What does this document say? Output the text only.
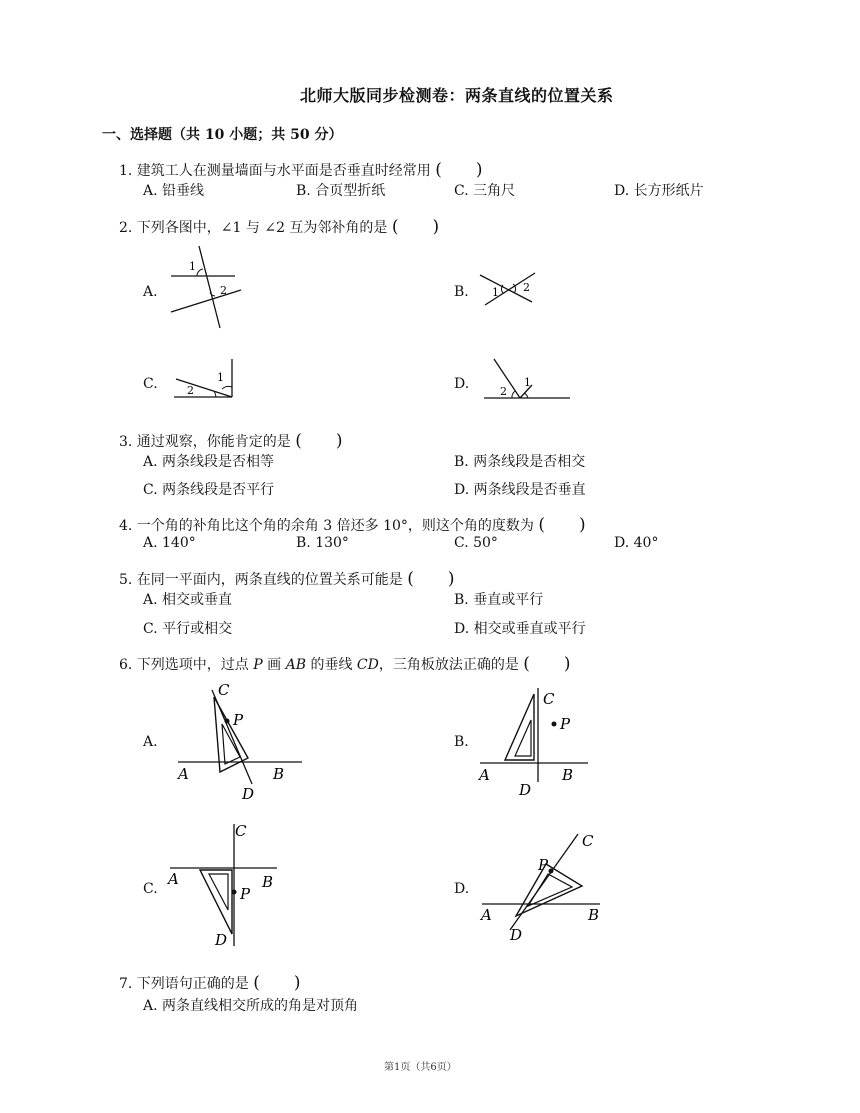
北师大版同步检测卷：两条直线的位置关系
一、选择题（共 10 小题；共 50 分）
1. 建筑工人在测量墙面与水平面是否垂直时经常用 (　　)
A. 铅垂线	B. 合页型折纸	C. 三角尺	D. 长方形纸片
2. 下列各图中，∠1 与 ∠2 互为邻补角的是 (　　)
A.
1
2	B. 1 2
C.	1
2	D.	1
2
3. 通过观察，你能肯定的是 (　　)
A. 两条线段是否相等	B. 两条线段是否相交
C. 两条线段是否平行	D. 两条线段是否垂直
4. 一个角的补角比这个角的余角 3 倍还多 10°，则这个角的度数为 (　　)
A. 140°	B. 130°	C. 50°	D. 40°
5. 在同一平面内，两条直线的位置关系可能是 (　　)
A. 相交或垂直	B. 垂直或平行
C. 平行或相交	D. 相交或垂直或平行
6. 下列选项中，过点 P 画 AB 的垂线 CD，三角板放法正确的是 (　　)
A.
C
P
A	B
D
B.
C
P
A	B
D
C.
C
P
A	B
D
D.
C
P
A	B
D
7. 下列语句正确的是 (　　)
A. 两条直线相交所成的角是对顶角
第1页（共6页）
